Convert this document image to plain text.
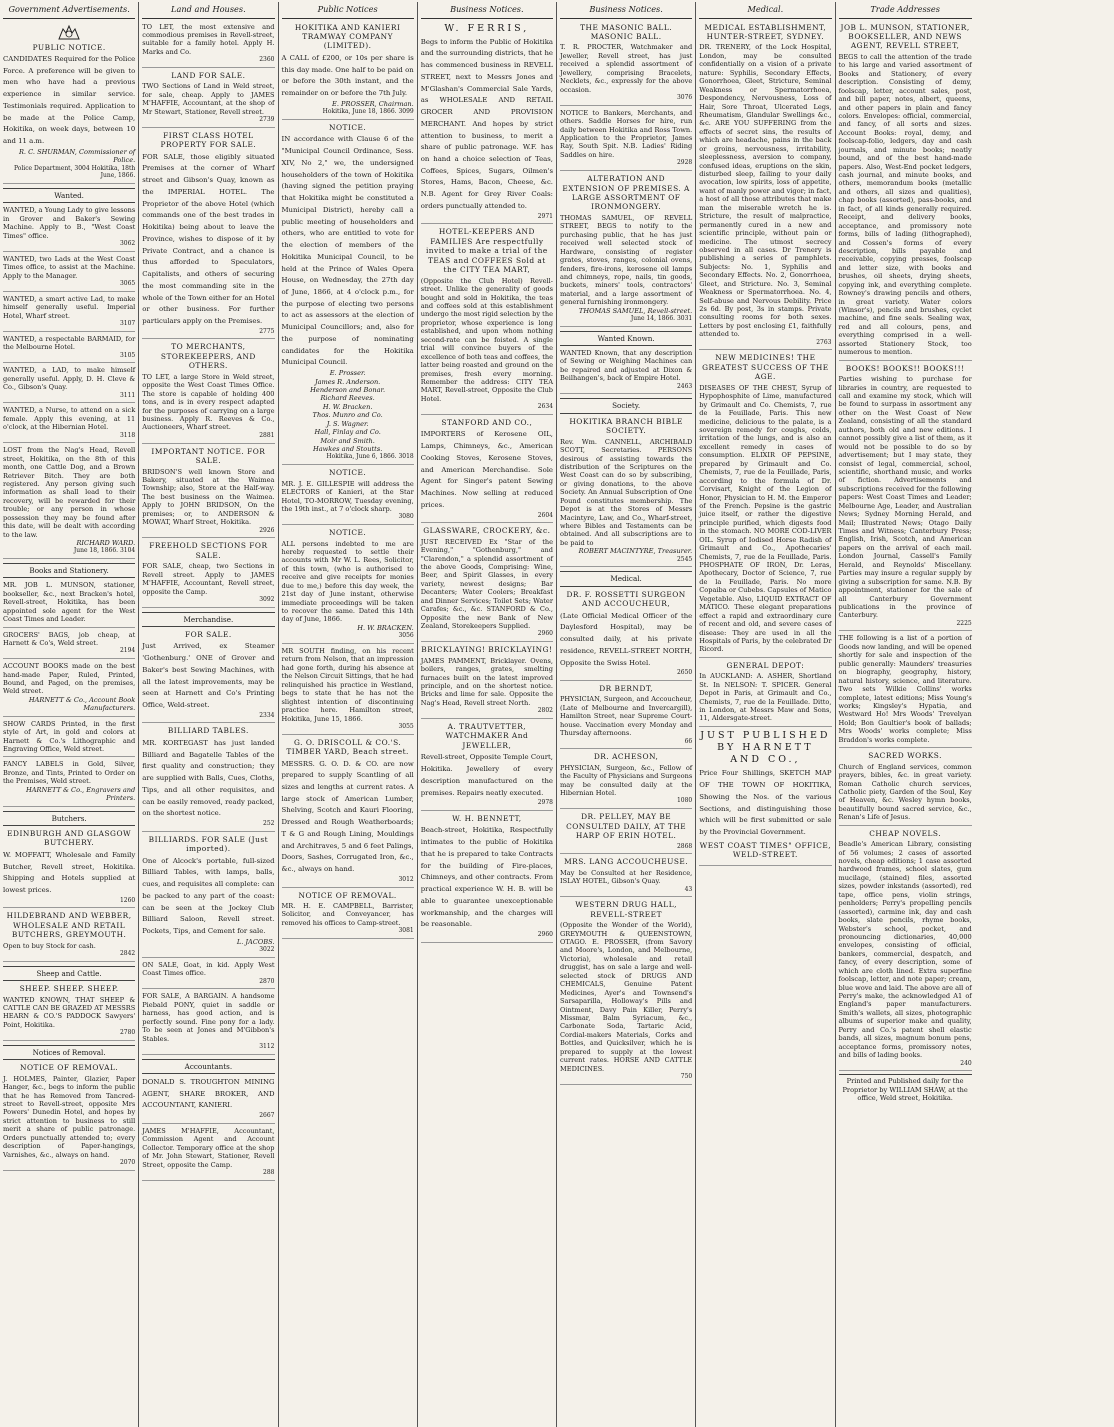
Government Advertisements.
PUBLIC NOTICE.
CANDIDATES Required for the Police Force. A preference will be given to men who have had a previous experience in similar service. Testimonials required. Application to be made at the Police Camp, Hokitika, on week days, between 10 and 11 a.m.
R. C. SHURMAN, Commissioner of Police.
Police Department, 3004 Hokitika, 18th June, 1866.
Wanted.
WANTED, a Young Lady to give lessons in Grover and Baker's Sewing Machine. Apply to B., "West Coast Times" office.
3062
WANTED, two Lads at the West Coast Times office, to assist at the Machine. Apply to the Manager.
3065
WANTED, a smart active Lad, to make himself generally useful. Imperial Hotel, Wharf street.
3107
WANTED, a respectable BARMAID, for the Melbourne Hotel.
3105
WANTED, a LAD, to make himself generally useful. Apply, D. H. Cleve & Co., Gibson's Quay.
3111
WANTED, a Nurse, to attend on a sick female. Apply this evening, at 11 o'clock, at the Hibernian Hotel.
3118
LOST from the Nag's Head, Revell street, Hokitika, on the 8th of this month, one Cattle Dog, and a Brown Retriever Bitch. They are both registered. Any person giving such information as shall lead to their recovery, will be rewarded for their trouble; or any person in whose possession they may be found after this date, will be dealt with according to the law.
RICHARD WARD.
June 18, 1866. 3104
Books and Stationery.
MR. JOB L. MUNSON, stationer, bookseller, &c., next Bracken's hotel, Revell-street, Hokitika, has been appointed sole agent for the West Coast Times and Leader.
GROCERS' BAGS, job cheap, at Harnett & Co's, Weld street.
2194
ACCOUNT BOOKS made on the best hand-made Paper, Ruled, Printed, Bound, and Paged, on the premises, Weld street.
HARNETT & Co., Account Book Manufacturers.
SHOW CARDS Printed, in the first style of Art, in gold and colors at Harnett & Co.'s Lithographic and Engraving Office, Weld street.
FANCY LABELS in Gold, Silver, Bronze, and Tints, Printed to Order on the Premises, Weld street.
HARNETT & Co., Engravers and Printers.
Butchers.
EDINBURGH AND GLASGOW BUTCHERY.
W. MOFFATT, Wholesale and Family Butcher, Revell street, Hokitika. Shipping and Hotels supplied at lowest prices.
1260
HILDEBRAND AND WEBBER, WHOLESALE AND RETAIL BUTCHERS, GREYMOUTH.
Open to buy Stock for cash.
2842
Sheep and Cattle.
SHEEP. SHEEP. SHEEP.
WANTED KNOWN, THAT SHEEP & CATTLE CAN BE GRAZED AT MESSRS HEARN & CO.'S PADDOCK Sawyers' Point, Hokitika.
2780
Notices of Removal.
NOTICE OF REMOVAL.
J. HOLMES, Painter, Glazier, Paper Hanger, &c., begs to inform the public that he has Removed from Tancred-street to Revell-street, opposite Mrs Powers' Dunedin Hotel, and hopes by strict attention to business to still merit a share of public patronage. Orders punctually attended to; every description of Paper-hangings, Varnishes, &c., always on hand.
2070
Land and Houses.
TO LET, the most extensive and commodious premises in Revell-street, suitable for a family hotel. Apply H. Marks and Co.
2360
LAND FOR SALE.
TWO Sections of Land in Weld street, for sale, cheap. Apply to JAMES M'HAFFIE, Accountant, at the shop of Mr Stewart, Stationer, Revell street.
2739
FIRST CLASS HOTEL PROPERTY FOR SALE.
FOR SALE, those eligibly situated Premises at the corner of Wharf street and Gibson's Quay, known as the IMPERIAL HOTEL. The Proprietor of the above Hotel (which commands one of the best trades in Hokitika) being about to leave the Province, wishes to dispose of it by Private Contract, and a chance is thus afforded to Speculators, Capitalists, and others of securing the most commanding site in the whole of the Town either for an Hotel or other business. For further particulars apply on the Premises.
2775
TO MERCHANTS, STOREKEEPERS, AND OTHERS.
TO LET, a large Store in Weld street, opposite the West Coast Times Office. The store is capable of holding 400 tons, and is in every respect adapted for the purposes of carrying on a large business. Apply R. Reeves & Co., Auctioneers, Wharf street.
2881
IMPORTANT NOTICE. FOR SALE.
BRIDSON'S well known Store and Bakery, situated at the Waimea Township; also, Store at the Half-way. The best business on the Waimea. Apply to JOHN BRIDSON, On the premises; or, to ANDERSON & MOWAT, Wharf Street, Hokitika.
2926
FREEHOLD SECTIONS FOR SALE.
FOR SALE, cheap, two Sections in Revell street. Apply to JAMES M'HAFFIE, Accountant, Revell street, opposite the Camp.
3092
Merchandise.
FOR SALE.
Just Arrived, ex Steamer 'Gothenburg.' ONE of Grover and Baker's best Sewing Machines, with all the latest improvements, may be seen at Harnett and Co's Printing Office, Weld-street.
2334
BILLIARD TABLES.
MR. KORTEGAST has just landed Billiard and Bagatelle Tables of the first quality and construction; they are supplied with Balls, Cues, Cloths, Tips, and all other requisites, and can be easily removed, ready packed, on the shortest notice.
252
BILLIARDS. FOR SALE (Just imported).
One of Alcock's portable, full-sized Billiard Tables, with lamps, balls, cues, and requisites all complete: can be packed to any part of the coast: can be seen at the Jockey Club Billiard Saloon, Revell street. Pockets, Tips, and Cement for sale.
L. JACOBS.
3022
ON SALE, Goat, in kid. Apply West Coast Times office.
2870
FOR SALE, A BARGAIN. A handsome Piebald PONY, quiet in saddle or harness, has good action, and is perfectly sound. Fine pony for a lady. To be seen at Jones and M'Gibbon's Stables.
3112
Accountants.
DONALD S. TROUGHTON MINING AGENT, SHARE BROKER, AND ACCOUNTANT, KANIERI.
2667
JAMES M'HAFFIE, Accountant, Commission Agent and Account Collector. Temporary office at the shop of Mr. John Stewart, Stationer, Revell Street, opposite the Camp.
288
Public Notices
HOKITIKA AND KANIERI TRAMWAY COMPANY (LIMITED).
A CALL of £200, or 10s per share is this day made. One half to be paid on or before the 30th instant, and the remainder on or before the 7th July.
E. PROSSER, Chairman.
Hokitika, June 18, 1866. 3099
NOTICE.
IN accordance with Clause 6 of the "Municipal Council Ordinance, Sess. XIV, No 2," we, the undersigned householders of the town of Hokitika (having signed the petition praying that Hokitika might be constituted a Municipal District), hereby call a public meeting of householders and others, who are entitled to vote for the election of members of the Hokitika Municipal Council, to be held at the Prince of Wales Opera House, on Wednesday, the 27th day of June, 1866, at 4 o'clock p.m., for the purpose of electing two persons to act as assessors at the election of Municipal Councillors; and, also for the purpose of nominating candidates for the Hokitika Municipal Council.
E. Prosser.
James R. Anderson.
Henderson and Bonar.
Richard Reeves.
H. W. Bracken.
Thos. Munro and Co.
J. S. Wagner.
Hall, Finlay and Co.
Moir and Smith.
Hawkes and Stoutts.
Hokitika, June 6, 1866. 3018
NOTICE.
MR. J. E. GILLESPIE will address the ELECTORS of Kanieri, at the Star Hotel, TO-MORROW, Tuesday evening, the 19th inst., at 7 o'clock sharp.
3080
NOTICE.
ALL persons indebted to me are hereby requested to settle their accounts with Mr W. L. Rees, Solicitor, of this town, (who is authorised to receive and give receipts for monies due to me,) before this day week, the 21st day of June instant, otherwise immediate proceedings will be taken to recover the same. Dated this 14th day of June, 1866.
H. W. BRACKEN.
3056
MR SOUTH finding, on his recent return from Nelson, that an impression had gone forth, during his absence at the Nelson Circuit Sittings, that he had relinquished his practice in Westland, begs to state that he has not the slightest intention of discontinuing practice here. Hamilton street, Hokitika, June 15, 1866.
3055
G. O. DRISCOLL & CO.'S. TIMBER YARD, Beach street.
MESSRS. G. O. D. & CO. are now prepared to supply Scantling of all sizes and lengths at current rates. A large stock of American Lumber, Shelving, Scotch and Kauri Flooring, Dressed and Rough Weatherboards; T & G and Rough Lining, Mouldings and Architraves, 5 and 6 feet Palings, Doors, Sashes, Corrugated Iron, &c., &c., always on hand.
3012
NOTICE OF REMOVAL.
MR. H. E. CAMPBELL, Barrister, Solicitor, and Conveyancer, has removed his offices to Camp-street.
3081
Business Notices.
W. FERRIS,
Begs to inform the Public of Hokitika and the surrounding districts, that he has commenced business in REVELL STREET, next to Messrs Jones and M'Glashan's Commercial Sale Yards, as WHOLESALE AND RETAIL GROCER AND PROVISION MERCHANT. And hopes by strict attention to business, to merit a share of public patronage. W.F. has on hand a choice selection of Teas, Coffees, Spices, Sugars, Oilmen's Stores, Hams, Bacon, Cheese, &c. N.B. Agent for Grey River Coals: orders punctually attended to.
2971
HOTEL-KEEPERS AND FAMILIES Are respectfully invited to make a trial of the TEAS and COFFEES Sold at the CITY TEA MART,
(Opposite the Club Hotel) Revell-street. Unlike the generality of goods bought and sold in Hokitika, the teas and coffees sold at this establishment undergo the most rigid selection by the proprietor, whose experience is long established, and upon whom nothing second-rate can be foisted. A single trial will convince buyers of the excellence of both teas and coffees, the latter being roasted and ground on the premises, fresh every morning. Remember the address: CITY TEA MART, Revell-street, Opposite the Club Hotel.
2634
STANFORD AND CO.,
IMPORTERS of Kerosene OIL, Lamps, Chimneys, &c., American Cooking Stoves, Kerosene Stoves, and American Merchandise. Sole Agent for Singer's patent Sewing Machines. Now selling at reduced prices.
2604
GLASSWARE, CROCKERY, &c.
JUST RECEIVED Ex "Star of the Evening," "Gothenburg," and "Clarendon," a splendid assortment of the above Goods, Comprising: Wine, Beer, and Spirit Glasses, in every variety, newest designs; Bar Decanters; Water Coolers; Breakfast and Dinner Services; Toilet Sets; Water Carafes; &c., &c. STANFORD & Co., Opposite the new Bank of New Zealand, Storekeepers Supplied.
2960
BRICKLAYING! BRICKLAYING!
JAMES PAMMENT, Bricklayer. Ovens, boilers, ranges, grates, smelting furnaces built on the latest improved principle, and on the shortest notice. Bricks and lime for sale. Opposite the Nag's Head, Revell street North.
2802
A. TRAUTVETTER, WATCHMAKER And JEWELLER,
Revell-street, Opposite Temple Court, Hokitika. Jewellery of every description manufactured on the premises. Repairs neatly executed.
2978
W. H. BENNETT,
Beach-street, Hokitika, Respectfully intimates to the public of Hokitika that he is prepared to take Contracts for the building of Fire-places, Chimneys, and other contracts. From practical experience W. H. B. will be able to guarantee unexceptionable workmanship, and the charges will be reasonable.
2960
Business Notices.
THE MASONIC BALL. MASONIC BALL.
T. R. PROCTER, Watchmaker and Jeweller, Revell street, has just received a splendid assortment of Jewellery, comprising Bracelets, Necklets, &c., expressly for the above occasion.
3076
NOTICE to Bankers, Merchants, and others. Saddle Horses for hire, run daily between Hokitika and Ross Town. Application to the Proprietor, James Ray, South Spit. N.B. Ladies' Riding Saddles on hire.
2928
ALTERATION AND EXTENSION OF PREMISES. A LARGE ASSORTMENT OF IRONMONGERY.
THOMAS SAMUEL, OF REVELL STREET, BEGS to notify to the purchasing public, that he has just received well selected stock of Hardware, consisting of register grates, stoves, ranges, colonial ovens, fenders, fire-irons, kerosene oil lamps and chimneys, rope, nails, tin goods, buckets, miners' tools, contractors' material, and a large assortment of general furnishing ironmongery.
THOMAS SAMUEL, Revell-street.
June 14, 1866. 3031
Wanted Known.
WANTED Known, that any description of Sewing or Weighing Machines can be repaired and adjusted at Dixon & Beilhangen's, back of Empire Hotel.
2463
Society.
HOKITIKA BRANCH BIBLE SOCIETY.
Rev. Wm. CANNELL, ARCHIBALD SCOTT, Secretaries. PERSONS desirous of assisting towards the distribution of the Scriptures on the West Coast can do so by subscribing, or giving donations, to the above Society. An Annual Subscription of One Pound constitutes membership. The Depot is at the Stores of Messrs Macintyre, Law, and Co., Wharf-street, where Bibles and Testaments can be obtained. And all subscriptions are to be paid to
ROBERT MACINTYRE, Treasurer.
2545
Medical.
DR. F. ROSSETTI SURGEON AND ACCOUCHEUR,
(Late Official Medical Officer of the Daylesford Hospital), may be consulted daily, at his private residence, REVELL-STREET NORTH, Opposite the Swiss Hotel.
2650
DR BERNDT,
PHYSICIAN, Surgeon, and Accoucheur, (Late of Melbourne and Invercargill), Hamilton Street, near Supreme Court-house. Vaccination every Monday and Thursday afternoons.
66
DR. ACHESON,
PHYSICIAN, Surgeon, &c., Fellow of the Faculty of Physicians and Surgeons may be consulted daily at the Hibernian Hotel.
1080
DR. PELLEY, MAY BE CONSULTED DAILY, AT THE HARP OF ERIN HOTEL.
2868
MRS. LANG ACCOUCHEUSE.
May be Consulted at her Residence, ISLAY HOTEL, Gibson's Quay.
43
WESTERN DRUG HALL, REVELL-STREET
(Opposite the Wonder of the World), GREYMOUTH & QUEENSTOWN, OTAGO. E. PROSSER, (from Savory and Moore's, London, and Melbourne, Victoria), wholesale and retail druggist, has on sale a large and well-selected stock of DRUGS AND CHEMICALS, Genuine Patent Medicines, Ayer's and Townsend's Sarsaparilla, Holloway's Pills and Ointment, Davy Pain Killer, Perry's Missmar, Balm Syriacum, &c., Carbonate Soda, Tartaric Acid, Cordial-makers Materials, Corks and Bottles, and Quicksilver, which he is prepared to supply at the lowest current rates. HORSE AND CATTLE MEDICINES.
750
Medical.
MEDICAL ESTABLISHMENT, HUNTER-STREET, SYDNEY.
DR. TRENERY, of the Lock Hospital, London, may be consulted confidentially on a vision of a private nature: Syphilis, Secondary Effects, Gonorrhoea, Gleet, Stricture, Seminal Weakness or Spermatorrhoea, Despondency, Nervousness, Loss of Hair, Sore Throat, Ulcerated Legs, Rheumatism, Glandular Swellings &c., &c. ARE YOU SUFFERING from the effects of secret sins, the results of which are headache, pains in the back or groins, nervousness, irritability, sleeplessness, aversion to company, confused ideas, eruptions on the skin, disturbed sleep, failing to your daily avocation, low spirits, loss of appetite, want of manly power and vigor; in fact, a host of all those attributes that make man the miserable wretch he is. Stricture, the result of malpractice, permanently cured in a new and scientific principle, without pain or medicine. The utmost secrecy observed in all cases. Dr Trenery is publishing a series of pamphlets. Subjects: No. 1, Syphilis and Secondary Effects. No. 2, Gonorrhoea, Gleet, and Stricture. No. 3, Seminal Weakness or Spermatorrhoea. No. 4, Self-abuse and Nervous Debility. Price 2s 6d. By post, 3s in stamps. Private consulting rooms for both sexes. Letters by post enclosing £1, faithfully attended to.
2763
NEW MEDICINES! THE GREATEST SUCCESS OF THE AGE.
DISEASES OF THE CHEST, Syrup of Hypophosphite of Lime, manufactured by Grimault and Co. Chemists, 7, rue de la Feuillade, Paris. This new medicine, delicious to the palate, is a sovereign remedy for coughs, colds, irritation of the lungs, and is also an excellent remedy in cases of consumption. ELIXIR OF PEPSINE, prepared by Grimault and Co. Chemists, 7, rue de la Feuillade, Paris, according to the formula of Dr. Corvisart, Knight of the Legion of Honor, Physician to H. M. the Emperor of the French. Pepsine is the gastric juice itself, or rather the digestive principle purified, which digests food in the stomach. NO MORE COD-LIVER OIL. Syrup of Iodised Horse Radish of Grimault and Co., Apothecaries' Chemists, 7, rue de la Feuillade, Paris. PHOSPHATE OF IRON, Dr. Leras, Apothecary, Doctor of Science, 7, rue de la Feuillade, Paris. No more Copaiba or Cubebs. Capsules of Matico Vegetable. Also, LIQUID EXTRACT OF MATICO. These elegant preparations effect a rapid and extraordinary cure of recent and old, and severe cases of disease: They are used in all the Hospitals of Paris, by the celebrated Dr Ricord.
GENERAL DEPOT:
In AUCKLAND: A. ASHER, Shortland St. In NELSON: T. SPICER. General Depot in Paris, at Grimault and Co., Chemists, 7, rue de la Feuillade. Ditto, in London, at Messrs Maw and Sons, 11, Aldersgate-street.
JUST PUBLISHED BY HARNETT AND CO.,
Price Four Shillings, SKETCH MAP OF THE TOWN OF HOKITIKA, Showing the Nos. of the various Sections, and distinguishing those which will be first submitted or sale by the Provincial Government.
WEST COAST TIMES" OFFICE, WELD-STREET.
Trade Addresses
JOB L. MUNSON, STATIONER, BOOKSELLER, AND NEWS AGENT, REVELL STREET,
BEGS to call the attention of the trade to his large and varied assortment of Books and Stationery, of every description. Consisting of demy, foolscap, letter, account sales, post, and bill paper, notes, albert, queens, and other papers in plain and fancy colors. Envelopes: official, commercial, and fancy, of all sorts and sizes. Account Books: royal, demy, and foolscap-folio, ledgers, day and cash journals, and minute books; neatly bound, and of the best hand-made papers. Also, West-End pocket ledgers, cash journal, and minute books, and others, memorandum books (metallic and others, all sizes and qualities), chap books (assorted), pass-books, and in fact, of all kinds generally required. Receipt, and delivery books, acceptance, and promissory note forms, bills of lading (lithographed), and Cossen's forms of every description, bills payable and receivable, copying presses, foolscap and letter size, with books and brushes, oil sheets, drying sheets, copying ink, and everything complete. Rowney's drawing pencils and others, in great variety. Water colors (Winsor's), pencils and brushes, cyclet machine, and fine seals. Sealing wax, red and all colours, pens, and everything comprised in a well-assorted Stationery Stock, too numerous to mention.
BOOKS! BOOKS!! BOOKS!!!
Parties wishing to purchase for libraries in country, are requested to call and examine my stock, which will be found to surpass in assortment any other on the West Coast of New Zealand, consisting of all the standard authors, both old and new editions. I cannot possibly give a list of them, as it would not be possible to do so by advertisement; but I may state, they consist of legal, commercial, school, scientific, shorthand music, and works of fiction. Advertisements and subscriptions received for the following papers: West Coast Times and Leader; Melbourne Age, Leader, and Australian News; Sydney Morning Herald, and Mail; Illustrated News; Otago Daily Times and Witness; Canterbury Press; English, Irish, Scotch, and American papers on the arrival of each mail. London Journal, Cassell's Family Herald, and Reynolds' Miscellany. Parties may insure a regular supply by giving a subscription for same. N.B. By appointment, stationer for the sale of all Canterbury Government publications in the province of Canterbury.
2225
THE following is a list of a portion of Goods now landing, and will be opened shortly for sale and inspection of the public generally: Maunders' treasuries on biography, geography, history, natural history, science, and literature. Two sets Wilkie Collins' works complete, latest editions; Miss Young's works; Kingsley's Hypatia, and Westward Ho! Mrs Woods' Trevelyan Hold; Bon Gaultier's book of ballads; Mrs Woods' works complete; Miss Braddon's works complete.
SACRED WORKS.
Church of England services, common prayers, bibles, &c. in great variety. Roman Catholic church services, Catholic piety, Garden of the Soul, Key of Heaven, &c. Wesley hymn books, beautifully bound sacred service, &c., Renan's Life of Jesus.
CHEAP NOVELS.
Beadle's American Library, consisting of 56 volumes; 2 cases of assorted novels, cheap editions; 1 case assorted hardwood frames, school slates, gum mucilage, (stained) files, assorted sizes, powder inkstands (assorted), red tape, office pens, violin strings, penholders; Perry's propelling pencils (assorted), carmine ink, day and cash books, slate pencils, rhyme books, Webster's school, pocket, and pronouncing dictionaries, 40,000 envelopes, consisting of official, bankers, commercial, despatch, and fancy, of every description, some of which are cloth lined. Extra superfine foolscap, letter, and note paper; cream, blue wove and laid. The above are all of Perry's make, the acknowledged A1 of England's paper manufacturers. Smith's wallets, all sizes, photographic albums of superior make and quality, Perry and Co.'s patent shell elastic bands, all sizes, magnum bonum pens, acceptance forms, promissory notes, and bills of lading books.
240
Printed and Published daily for the Proprietor by WILLIAM SHAW, at the office, Weld street, Hokitika.
